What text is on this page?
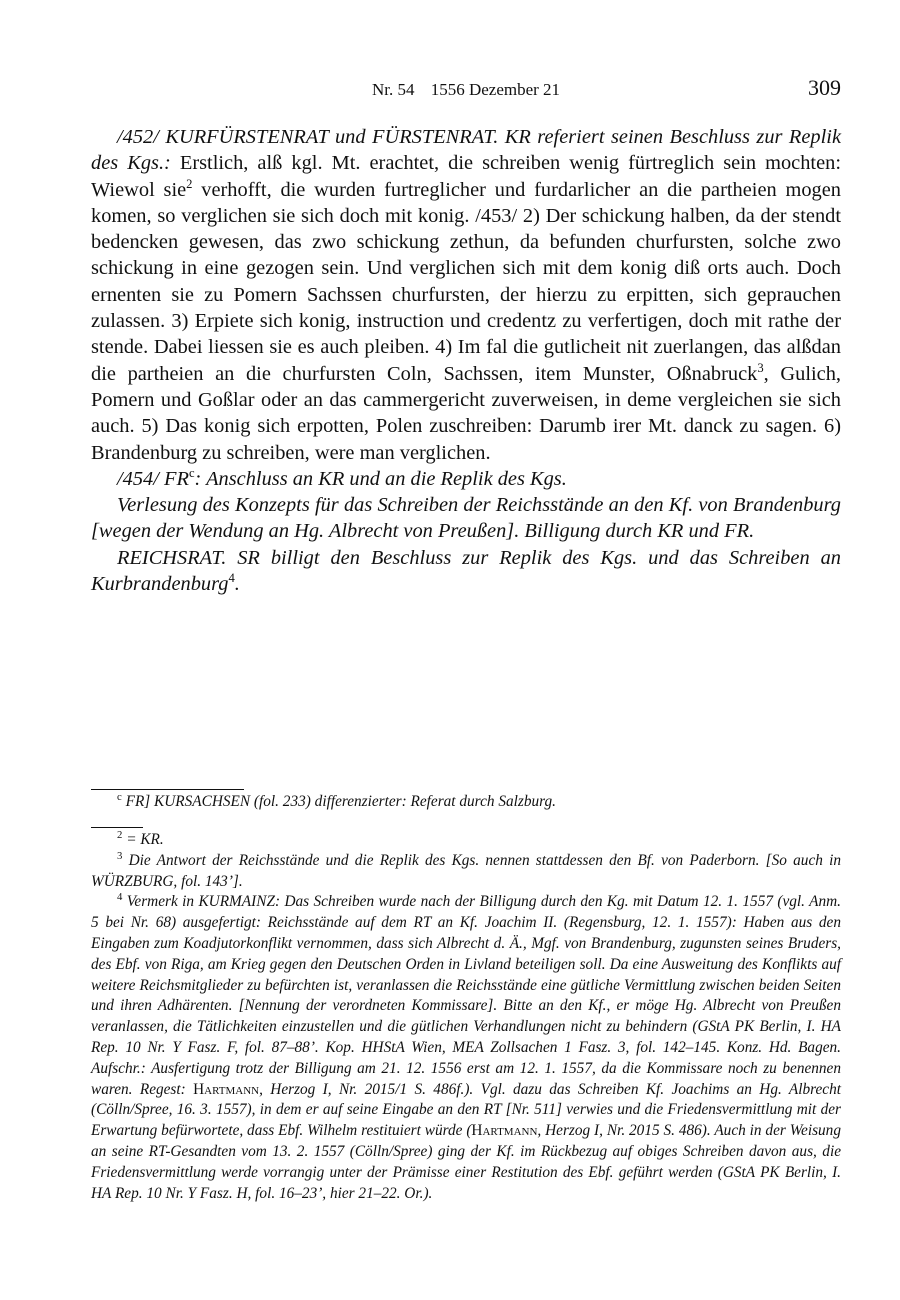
Nr. 54 1556 Dezember 21	309

/452/ KURFÜRSTENRAT und FÜRSTENRAT. KR referiert seinen Beschluss zur Replik des Kgs.: Erstlich, alß kgl. Mt. erachtet, die schreiben wenig fürtreglich sein mochten: Wiewol sie$^2$ verhofft, die wurden furtreglicher und furdarlicher an die partheien mogen komen, so verglichen sie sich doch mit konig. /453/ 2) Der schickung halben, da der stendt bedencken gewesen, das zwo schickung zethun, da befunden churfursten, solche zwo schickung in eine gezogen sein. Und verglichen sich mit dem konig diß orts auch. Doch ernenten sie zu Pomern Sachssen churfursten, der hierzu zu erpitten, sich geprauchen zulassen. 3) Erpiete sich konig, instruction und credentz zu verfertigen, doch mit rathe der stende. Dabei liessen sie es auch pleiben. 4) Im fal die gutlicheit nit zuerlangen, das alßdan die partheien an die churfursten Coln, Sachssen, item Munster, Oßnabruck$^3$, Gulich, Pomern und Goßlar oder an das cammergericht zuverweisen, in deme vergleichen sie sich auch. 5) Das konig sich erpotten, Polen zuschreiben: Darumb irer Mt. danck zu sagen. 6) Brandenburg zu schreiben, were man verglichen.

/454/ $FR^c$: Anschluss an KR und an die Replik des Kgs.

Verlesung des Konzepts für das Schreiben der Reichsstände an den Kf. von Brandenburg [wegen der Wendung an Hg. Albrecht von Preußen]. Billigung durch KR und FR.

REICHSRAT. SR billigt den Beschluss zur Replik des Kgs. und das Schreiben an Kurbrandenburg$^4$.

$^c$ FR] KURSACHSEN (fol. 233) differenzierter: Referat durch Salzburg.

$^2$ = KR.

$^3$ Die Antwort der Reichsstände und die Replik des Kgs. nennen stattdessen den Bf. von Paderborn. [So auch in WÜRZBURG, fol. 143’].

$^4$ Vermerk in KURMAINZ: Das Schreiben wurde nach der Billigung durch den Kg. mit Datum 12. 1. 1557 (vgl. Anm. 5 bei Nr. 68) ausgefertigt: Reichsstände auf dem RT an Kf. Joachim II. (Regensburg, 12. 1. 1557): Haben aus den Eingaben zum Koadjutorkonflikt vernommen, dass sich Albrecht d. Ä., Mgf. von Brandenburg, zugunsten seines Bruders, des Ebf. von Riga, am Krieg gegen den Deutschen Orden in Livland beteiligen soll. Da eine Ausweitung des Konflikts auf weitere Reichsmitglieder zu befürchten ist, veranlassen die Reichsstände eine gütliche Vermittlung zwischen beiden Seiten und ihren Adhärenten. [Nennung der verordneten Kommissare]. Bitte an den Kf., er möge Hg. Albrecht von Preußen veranlassen, die Tätlichkeiten einzustellen und die gütlichen Verhandlungen nicht zu behindern (GStA PK Berlin, I. HA Rep. 10 Nr. Y Fasz. F, fol. 87–88’. Kop. HHStA Wien, MEA Zollsachen 1 Fasz. 3, fol. 142–145. Konz. Hd. Bagen. Aufschr.: Ausfertigung trotz der Billigung am 21. 12. 1556 erst am 12. 1. 1557, da die Kommissare noch zu benennen waren. Regest: Hartmann, Herzog I, Nr. 2015/1 S. 486f.). Vgl. dazu das Schreiben Kf. Joachims an Hg. Albrecht (Cölln/Spree, 16. 3. 1557), in dem er auf seine Eingabe an den RT [Nr. 511] verwies und die Friedensvermittlung mit der Erwartung befürwortete, dass Ebf. Wilhelm restituiert würde (Hartmann, Herzog I, Nr. 2015 S. 486). Auch in der Weisung an seine RT-Gesandten vom 13. 2. 1557 (Cölln/Spree) ging der Kf. im Rückbezug auf obiges Schreiben davon aus, die Friedensvermittlung werde vorrangig unter der Prämisse einer Restitution des Ebf. geführt werden (GStA PK Berlin, I. HA Rep. 10 Nr. Y Fasz. H, fol. 16–23’, hier 21–22. Or.).
